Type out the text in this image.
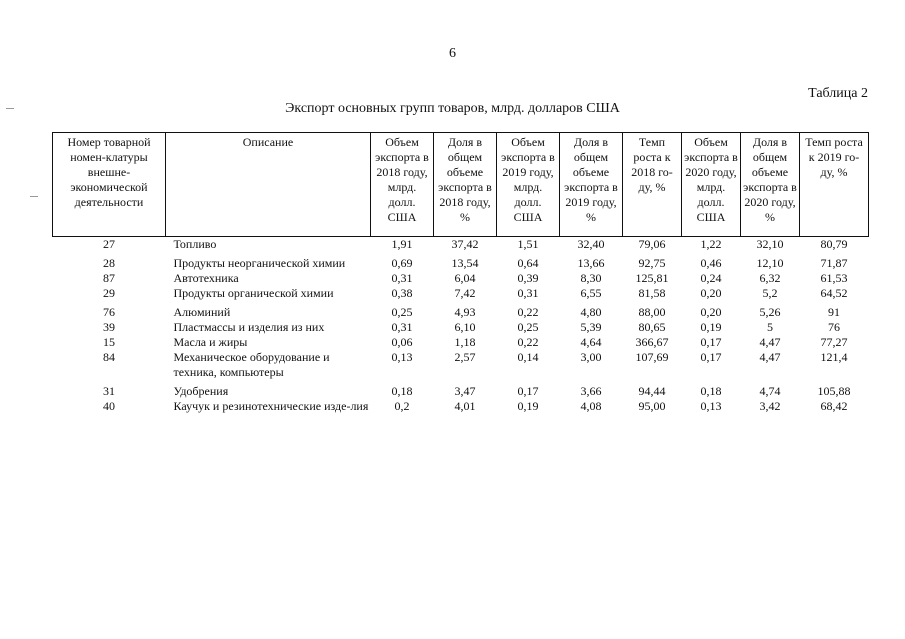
6
Таблица 2
Экспорт основных групп товаров, млрд. долларов США
Номер товарной номен-клатуры внешне-экономической деятельности	Описание	Объем экспорта в 2018 году, млрд. долл. США	Доля в общем объеме экспорта в 2018 году, %	Объем экспорта в 2019 году, млрд. долл. США	Доля в общем объеме экспорта в 2019 году, %	Темп роста к 2018 го-ду, %	Объем экспорта в 2020 году, млрд. долл. США	Доля в общем объеме экспорта в 2020 году, %	Темп роста к 2019 го-ду, %
27	Топливо	1,91	37,42	1,51	32,40	79,06	1,22	32,10	80,79
28	Продукты неорганической химии	0,69	13,54	0,64	13,66	92,75	0,46	12,10	71,87
87	Автотехника	0,31	6,04	0,39	8,30	125,81	0,24	6,32	61,53
29	Продукты органической химии	0,38	7,42	0,31	6,55	81,58	0,20	5,2	64,52
76	Алюминий	0,25	4,93	0,22	4,80	88,00	0,20	5,26	91
39	Пластмассы и изделия из них	0,31	6,10	0,25	5,39	80,65	0,19	5	76
15	Масла и жиры	0,06	1,18	0,22	4,64	366,67	0,17	4,47	77,27
84	Механическое оборудование и техника, компьютеры	0,13	2,57	0,14	3,00	107,69	0,17	4,47	121,4
31	Удобрения	0,18	3,47	0,17	3,66	94,44	0,18	4,74	105,88
40	Каучук и резинотехнические изде-лия	0,2	4,01	0,19	4,08	95,00	0,13	3,42	68,42
